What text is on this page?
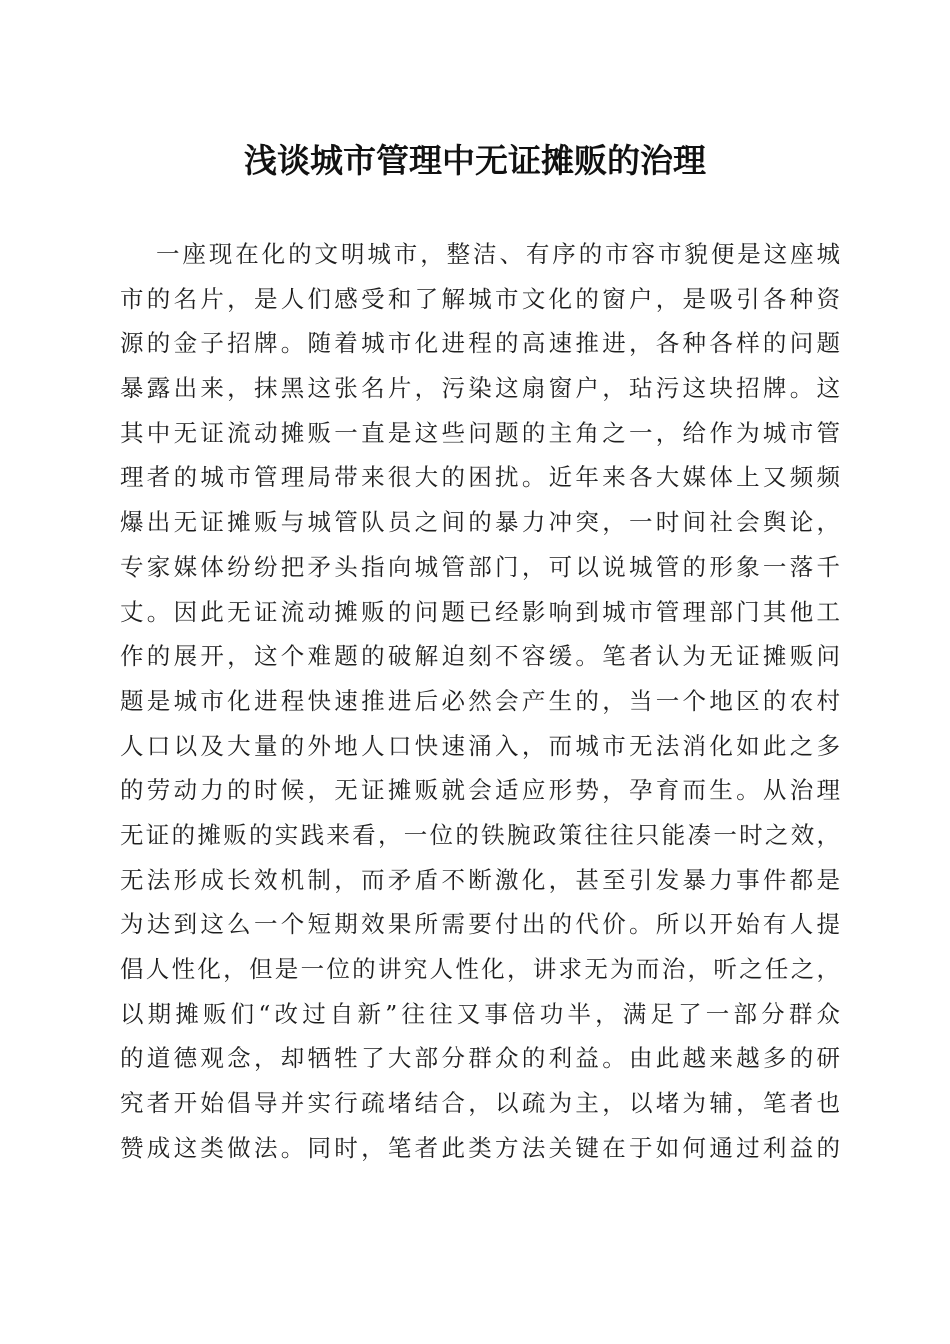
浅谈城市管理中无证摊贩的治理
一座现在化的文明城市，整洁、有序的市容市貌便是这座城
市的名片，是人们感受和了解城市文化的窗户，是吸引各种资
源的金子招牌。随着城市化进程的高速推进，各种各样的问题
暴露出来，抹黑这张名片，污染这扇窗户，玷污这块招牌。这
其中无证流动摊贩一直是这些问题的主角之一，给作为城市管
理者的城市管理局带来很大的困扰。近年来各大媒体上又频频
爆出无证摊贩与城管队员之间的暴力冲突，一时间社会舆论，
专家媒体纷纷把矛头指向城管部门，可以说城管的形象一落千
丈。因此无证流动摊贩的问题已经影响到城市管理部门其他工
作的展开，这个难题的破解迫刻不容缓。笔者认为无证摊贩问
题是城市化进程快速推进后必然会产生的，当一个地区的农村
人口以及大量的外地人口快速涌入，而城市无法消化如此之多
的劳动力的时候，无证摊贩就会适应形势，孕育而生。从治理
无证的摊贩的实践来看，一位的铁腕政策往往只能凑一时之效，
无法形成长效机制，而矛盾不断激化，甚至引发暴力事件都是
为达到这么一个短期效果所需要付出的代价。所以开始有人提
倡人性化，但是一位的讲究人性化，讲求无为而治，听之任之，
以期摊贩们“改过自新”往往又事倍功半，满足了一部分群众
的道德观念，却牺牲了大部分群众的利益。由此越来越多的研
究者开始倡导并实行疏堵结合，以疏为主，以堵为辅，笔者也
赞成这类做法。同时，笔者此类方法关键在于如何通过利益的
